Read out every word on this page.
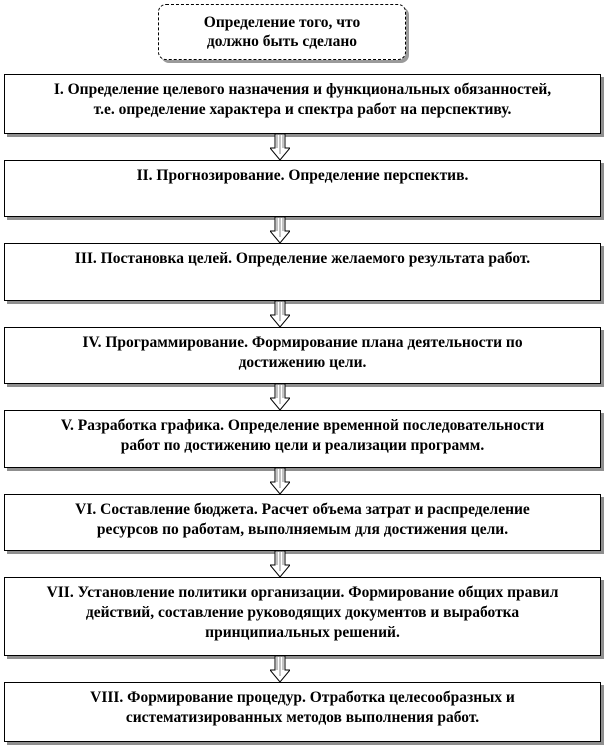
Определение того, что
должно быть сделано
I. Определение целевого назначения и функциональных обязанностей,
т.е. определение характера и спектра работ на перспективу.
II. Прогнозирование. Определение перспектив.
III. Постановка целей. Определение желаемого результата работ.
IV. Программирование. Формирование плана деятельности по
достижению цели.
V. Разработка графика. Определение временной последовательности
работ по достижению цели и реализации программ.
VI. Составление бюджета. Расчет объема затрат и распределение
ресурсов по работам, выполняемым для достижения цели.
VII. Установление политики организации. Формирование общих правил
действий, составление руководящих документов и выработка
принципиальных решений.
VIII. Формирование процедур. Отработка целесообразных и
систематизированных методов выполнения работ.
